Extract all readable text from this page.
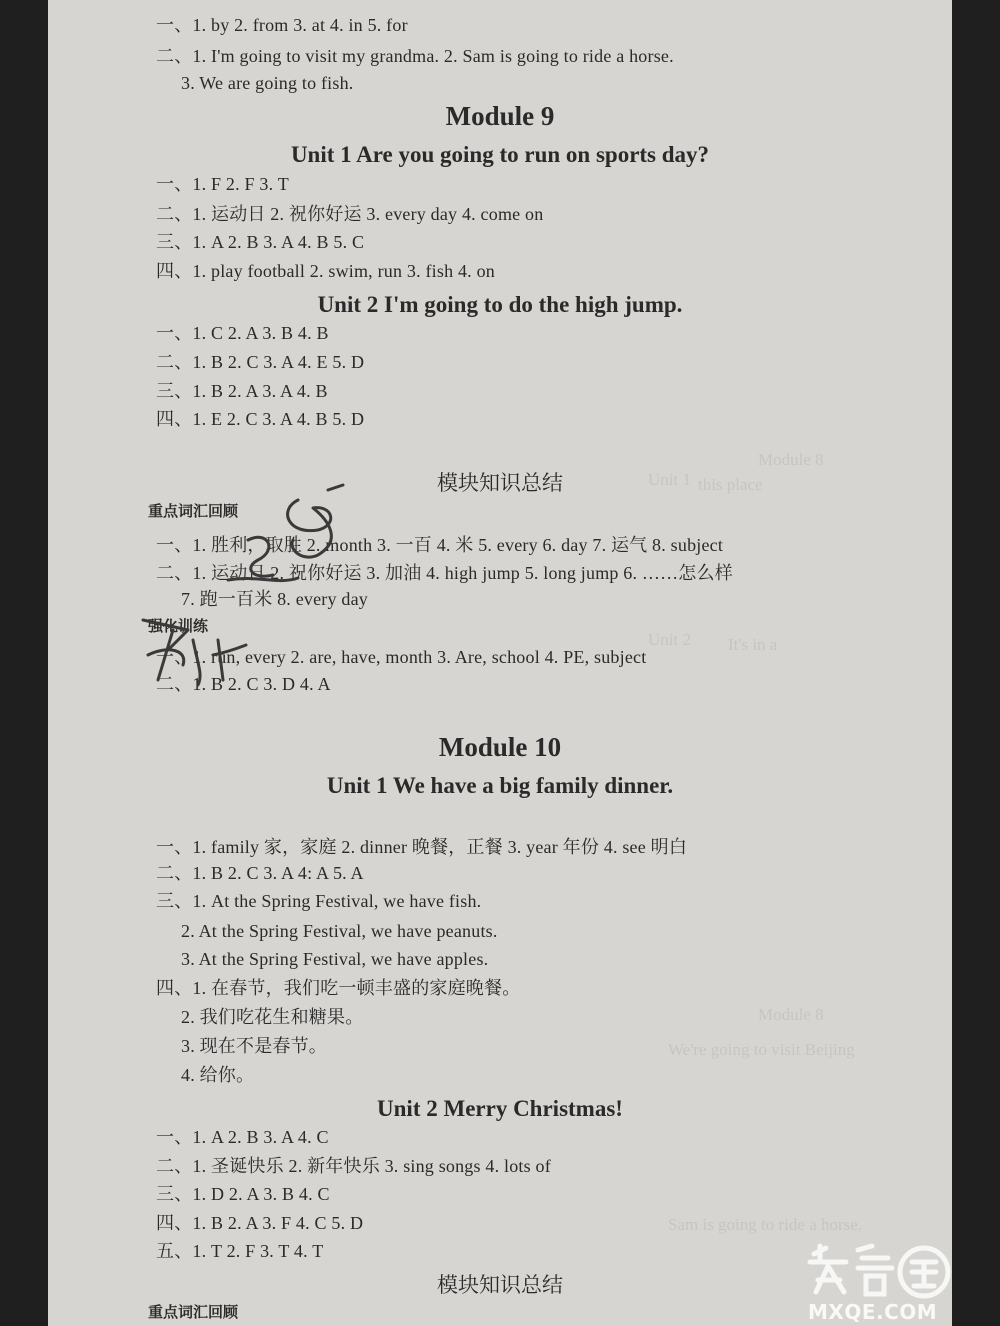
Module 8
Unit 1 this place
Unit 2 It's in a
Module 8
We're going to visit Beijing
Sam is going to ride a horse.
一、1. by 2. from 3. at 4. in 5. for
二、1. I'm going to visit my grandma. 2. Sam is going to ride a horse.
3. We are going to fish.
Module 9
Unit 1 Are you going to run on sports day?
一、1. F 2. F 3. T
二、1. 运动日 2. 祝你好运 3. every day 4. come on
三、1. A 2. B 3. A 4. B 5. C
四、1. play football 2. swim, run 3. fish 4. on
Unit 2 I'm going to do the high jump.
一、1. C 2. A 3. B 4. B
二、1. B 2. C 3. A 4. E 5. D
三、1. B 2. A 3. A 4. B
四、1. E 2. C 3. A 4. B 5. D
模块知识总结
重点词汇回顾
一、1. 胜利，取胜 2. month 3. 一百 4. 米 5. every 6. day 7. 运气 8. subject
二、1. 运动日 2. 祝你好运 3. 加油 4. high jump 5. long jump 6. ……怎么样
7. 跑一百米 8. every day
强化训练
一、1. run, every 2. are, have, month 3. Are, school 4. PE, subject
二、1. B 2. C 3. D 4. A
Module 10
Unit 1 We have a big family dinner.
一、1. family 家，家庭 2. dinner 晚餐，正餐 3. year 年份 4. see 明白
二、1. B 2. C 3. A 4: A 5. A
三、1. At the Spring Festival, we have fish.
2. At the Spring Festival, we have peanuts.
3. At the Spring Festival, we have apples.
四、1. 在春节，我们吃一顿丰盛的家庭晚餐。
2. 我们吃花生和糖果。
3. 现在不是春节。
4. 给你。
Unit 2 Merry Christmas!
一、1. A 2. B 3. A 4. C
二、1. 圣诞快乐 2. 新年快乐 3. sing songs 4. lots of
三、1. D 2. A 3. B 4. C
四、1. B 2. A 3. F 4. C 5. D
五、1. T 2. F 3. T 4. T
模块知识总结
重点词汇回顾	MXQE.COM
